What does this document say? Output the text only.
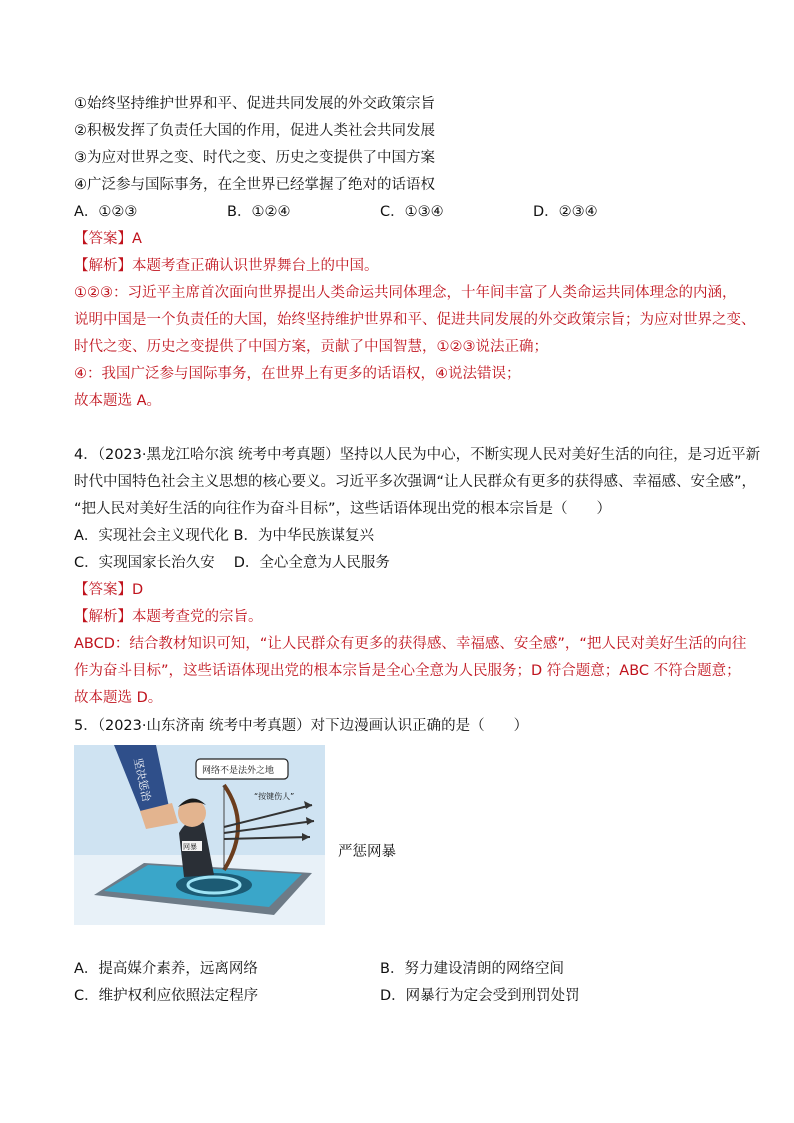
①始终坚持维护世界和平、促进共同发展的外交政策宗旨
②积极发挥了负责任大国的作用，促进人类社会共同发展
③为应对世界之变、时代之变、历史之变提供了中国方案
④广泛参与国际事务，在全世界已经掌握了绝对的话语权
A．①②③	B．①②④	C．①③④	D．②③④
【答案】A
【解析】本题考查正确认识世界舞台上的中国。
①②③：习近平主席首次面向世界提出人类命运共同体理念，十年间丰富了人类命运共同体理念的内涵，
说明中国是一个负责任的大国，始终坚持维护世界和平、促进共同发展的外交政策宗旨；为应对世界之变、
时代之变、历史之变提供了中国方案，贡献了中国智慧，①②③说法正确；
④：我国广泛参与国际事务，在世界上有更多的话语权，④说法错误；
故本题选 A。
4．（2023·黑龙江哈尔滨 统考中考真题）坚持以人民为中心，不断实现人民对美好生活的向往，是习近平新
时代中国特色社会主义思想的核心要义。习近平多次强调“让人民群众有更多的获得感、幸福感、安全感”，
“把人民对美好生活的向往作为奋斗目标”，这些话语体现出党的根本宗旨是（　　）
A．实现社会主义现代化 B．为中华民族谋复兴
C．实现国家长治久安　 D．全心全意为人民服务
【答案】D
【解析】本题考查党的宗旨。
ABCD：结合教材知识可知，“让人民群众有更多的获得感、幸福感、安全感”，“把人民对美好生活的向往
作为奋斗目标”，这些话语体现出党的根本宗旨是全心全意为人民服务；D 符合题意；ABC 不符合题意；
故本题选 D。
5．（2023·山东济南 统考中考真题）对下边漫画认识正确的是（　　）
坚决惩治	网络不是法外之地
“按键伤人”
网暴	严惩网暴
A．提高媒介素养，远离网络	B．努力建设清朗的网络空间
C．维护权利应依照法定程序	D．网暴行为定会受到刑罚处罚
